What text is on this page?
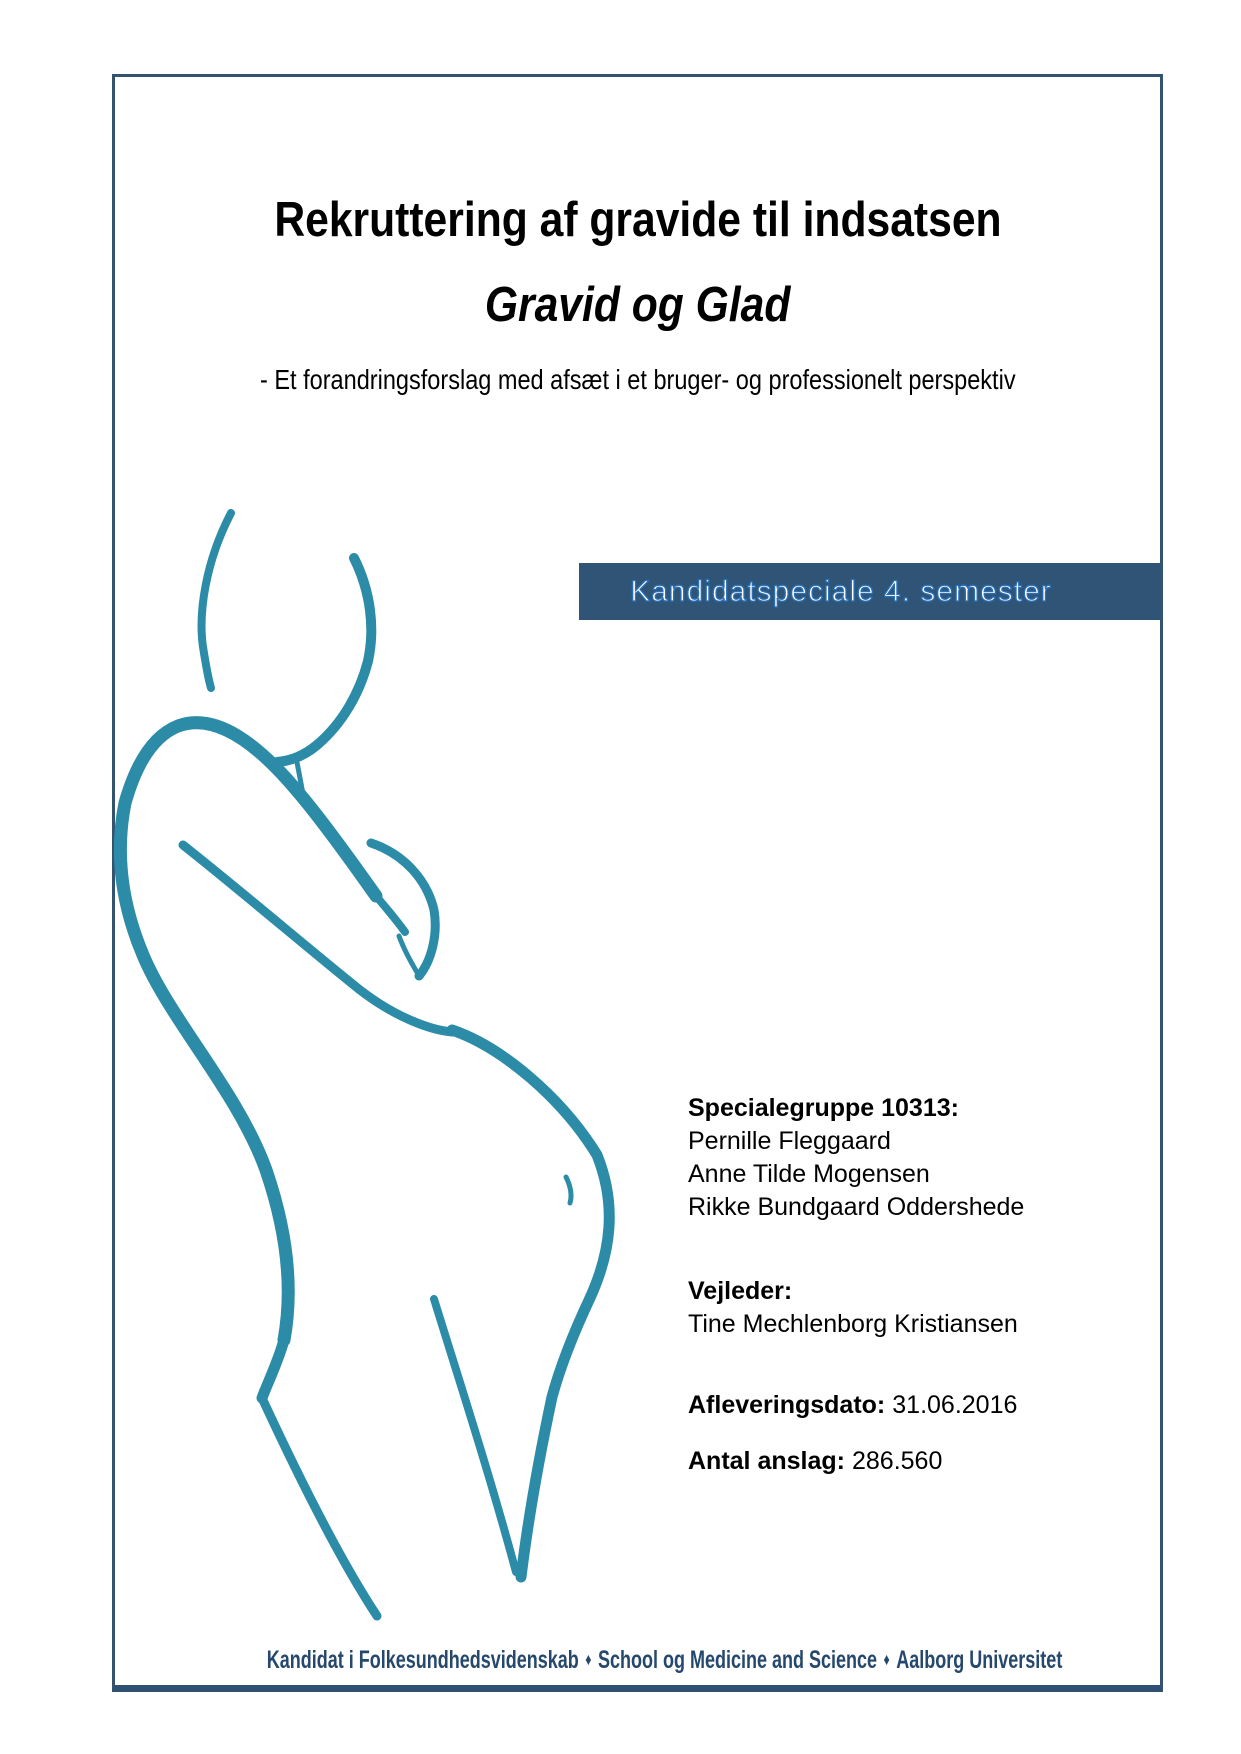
Rekruttering af gravide til indsatsen
Gravid og Glad
- Et forandringsforslag med afsæt i et bruger- og professionelt perspektiv
Kandidatspeciale 4. semester
Specialegruppe 10313:
Pernille Fleggaard
Anne Tilde Mogensen
Rikke Bundgaard Oddershede
Vejleder:
Tine Mechlenborg Kristiansen
Afleveringsdato: 31.06.2016
Antal anslag: 286.560
Kandidat i Folkesundhedsvidenskab ♦ School og Medicine and Science ♦ Aalborg Universitet
